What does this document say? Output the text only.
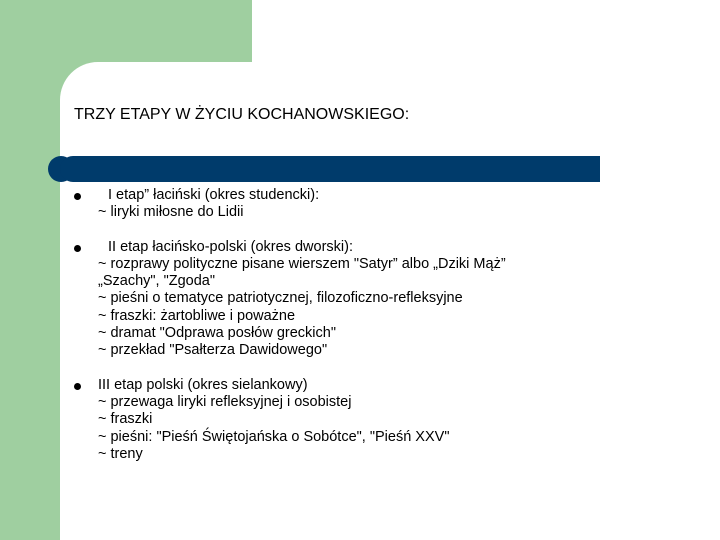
TRZY ETAPY W ŻYCIU KOCHANOWSKIEGO:
I etap” łaciński (okres studencki):
~ liryki miłosne do Lidii
II etap łacińsko-polski (okres dworski):
~ rozprawy polityczne pisane wierszem "Satyr” albo „Dziki Mąż”
„Szachy", "Zgoda"
~ pieśni o tematyce patriotycznej, filozoficzno-refleksyjne
~ fraszki: żartobliwe i poważne
~ dramat "Odprawa posłów greckich"
~ przekład "Psałterza Dawidowego"
III etap polski (okres sielankowy)
~ przewaga liryki refleksyjnej i osobistej
~ fraszki
~ pieśni: "Pieśń Świętojańska o Sobótce", "Pieśń XXV"
~ treny
